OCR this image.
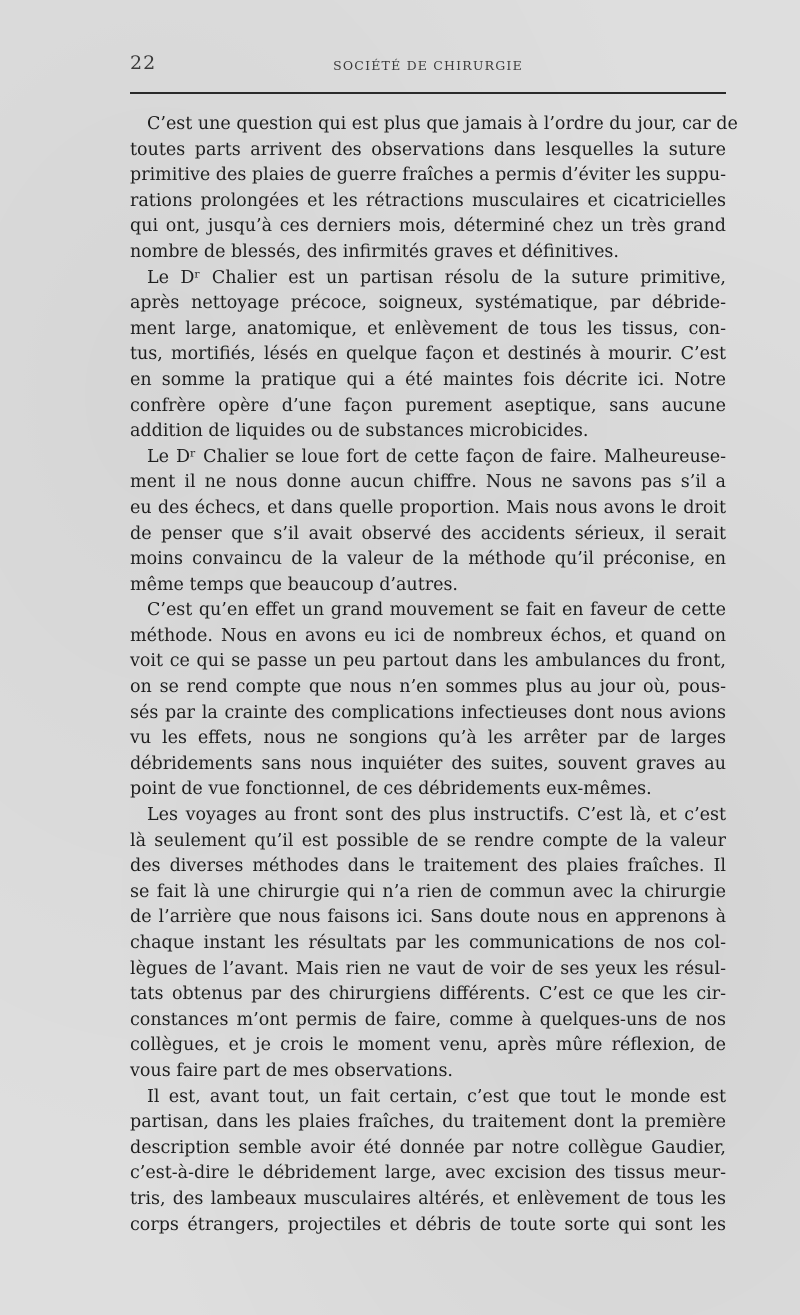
22	SOCIÉTÉ DE CHIRURGIE
C’est une question qui est plus que jamais à l’ordre du jour, car de
toutes parts arrivent des observations dans lesquelles la suture
primitive des plaies de guerre fraîches a permis d’éviter les suppu-
rations prolongées et les rétractions musculaires et cicatricielles
qui ont, jusqu’à ces derniers mois, déterminé chez un très grand
nombre de blessés, des infirmités graves et définitives.
Le Dʳ Chalier est un partisan résolu de la suture primitive,
après nettoyage précoce, soigneux, systématique, par débride-
ment large, anatomique, et enlèvement de tous les tissus, con-
tus, mortifiés, lésés en quelque façon et destinés à mourir. C’est
en somme la pratique qui a été maintes fois décrite ici. Notre
confrère opère d’une façon purement aseptique, sans aucune
addition de liquides ou de substances microbicides.
Le Dʳ Chalier se loue fort de cette façon de faire. Malheureuse-
ment il ne nous donne aucun chiffre. Nous ne savons pas s’il a
eu des échecs, et dans quelle proportion. Mais nous avons le droit
de penser que s’il avait observé des accidents sérieux, il serait
moins convaincu de la valeur de la méthode qu’il préconise, en
même temps que beaucoup d’autres.
C’est qu’en effet un grand mouvement se fait en faveur de cette
méthode. Nous en avons eu ici de nombreux échos, et quand on
voit ce qui se passe un peu partout dans les ambulances du front,
on se rend compte que nous n’en sommes plus au jour où, pous-
sés par la crainte des complications infectieuses dont nous avions
vu les effets, nous ne songions qu’à les arrêter par de larges
débridements sans nous inquiéter des suites, souvent graves au
point de vue fonctionnel, de ces débridements eux-mêmes.
Les voyages au front sont des plus instructifs. C’est là, et c’est
là seulement qu’il est possible de se rendre compte de la valeur
des diverses méthodes dans le traitement des plaies fraîches. Il
se fait là une chirurgie qui n’a rien de commun avec la chirurgie
de l’arrière que nous faisons ici. Sans doute nous en apprenons à
chaque instant les résultats par les communications de nos col-
lègues de l’avant. Mais rien ne vaut de voir de ses yeux les résul-
tats obtenus par des chirurgiens différents. C’est ce que les cir-
constances m’ont permis de faire, comme à quelques-uns de nos
collègues, et je crois le moment venu, après mûre réflexion, de
vous faire part de mes observations.
Il est, avant tout, un fait certain, c’est que tout le monde est
partisan, dans les plaies fraîches, du traitement dont la première
description semble avoir été donnée par notre collègue Gaudier,
c’est-à-dire le débridement large, avec excision des tissus meur-
tris, des lambeaux musculaires altérés, et enlèvement de tous les
corps étrangers, projectiles et débris de toute sorte qui sont les
